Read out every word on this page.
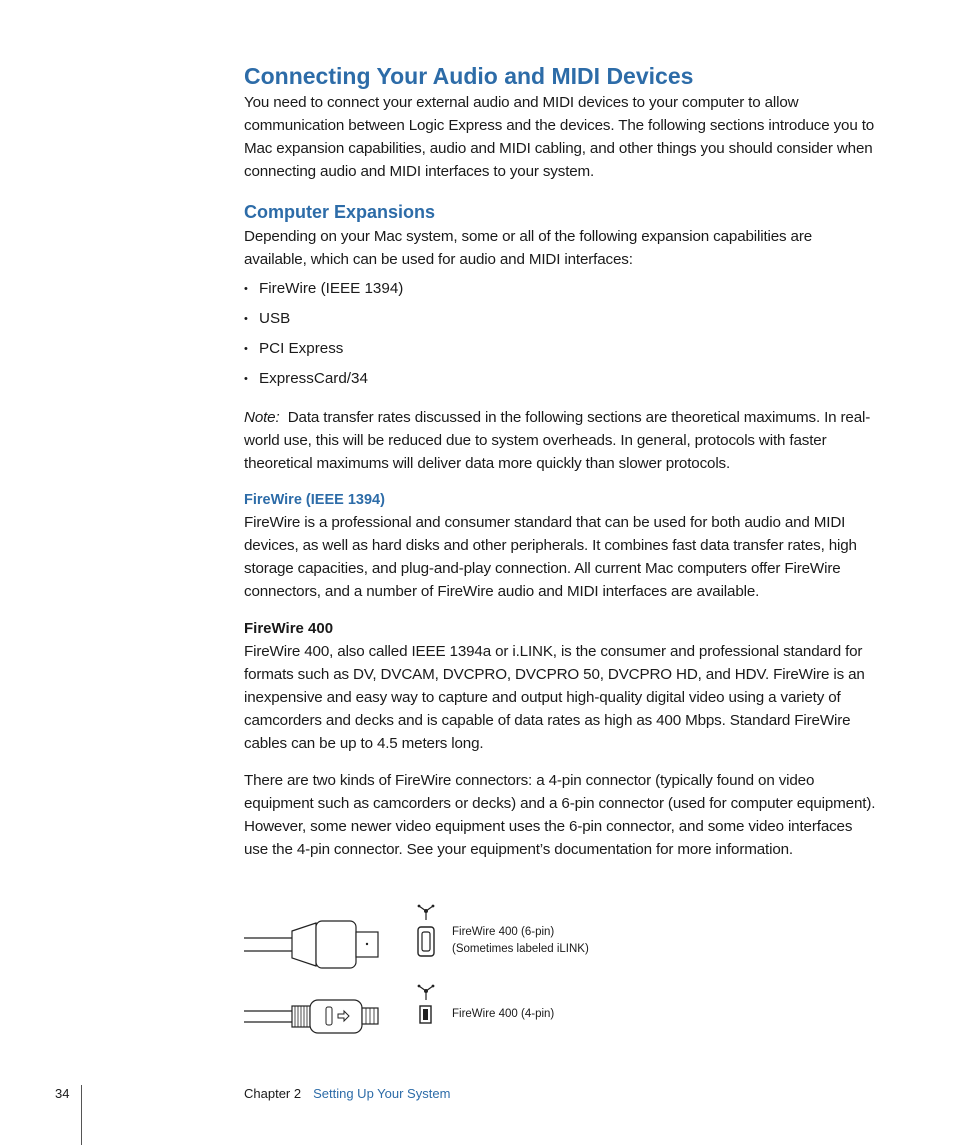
Connecting Your Audio and MIDI Devices

You need to connect your external audio and MIDI devices to your computer to allow communication between Logic Express and the devices. The following sections introduce you to Mac expansion capabilities, audio and MIDI cabling, and other things you should consider when connecting audio and MIDI interfaces to your system.

Computer Expansions

Depending on your Mac system, some or all of the following expansion capabilities are available, which can be used for audio and MIDI interfaces:

• FireWire (IEEE 1394)
• USB
• PCI Express
• ExpressCard/34

Note: Data transfer rates discussed in the following sections are theoretical maximums. In real-world use, this will be reduced due to system overheads. In general, protocols with faster theoretical maximums will deliver data more quickly than slower protocols.

FireWire (IEEE 1394)

FireWire is a professional and consumer standard that can be used for both audio and MIDI devices, as well as hard disks and other peripherals. It combines fast data transfer rates, high storage capacities, and plug-and-play connection. All current Mac computers offer FireWire connectors, and a number of FireWire audio and MIDI interfaces are available.

FireWire 400

FireWire 400, also called IEEE 1394a or i.LINK, is the consumer and professional standard for formats such as DV, DVCAM, DVCPRO, DVCPRO 50, DVCPRO HD, and HDV. FireWire is an inexpensive and easy way to capture and output high-quality digital video using a variety of camcorders and decks and is capable of data rates as high as 400 Mbps. Standard FireWire cables can be up to 4.5 meters long.

There are two kinds of FireWire connectors: a 4-pin connector (typically found on video equipment such as camcorders or decks) and a 6-pin connector (used for computer equipment). However, some newer video equipment uses the 6-pin connector, and some video interfaces use the 4-pin connector. See your equipment’s documentation for more information.

FireWire 400 (6-pin)
(Sometimes labeled iLINK)
FireWire 400 (4-pin)
34	Chapter 2 Setting Up Your System
